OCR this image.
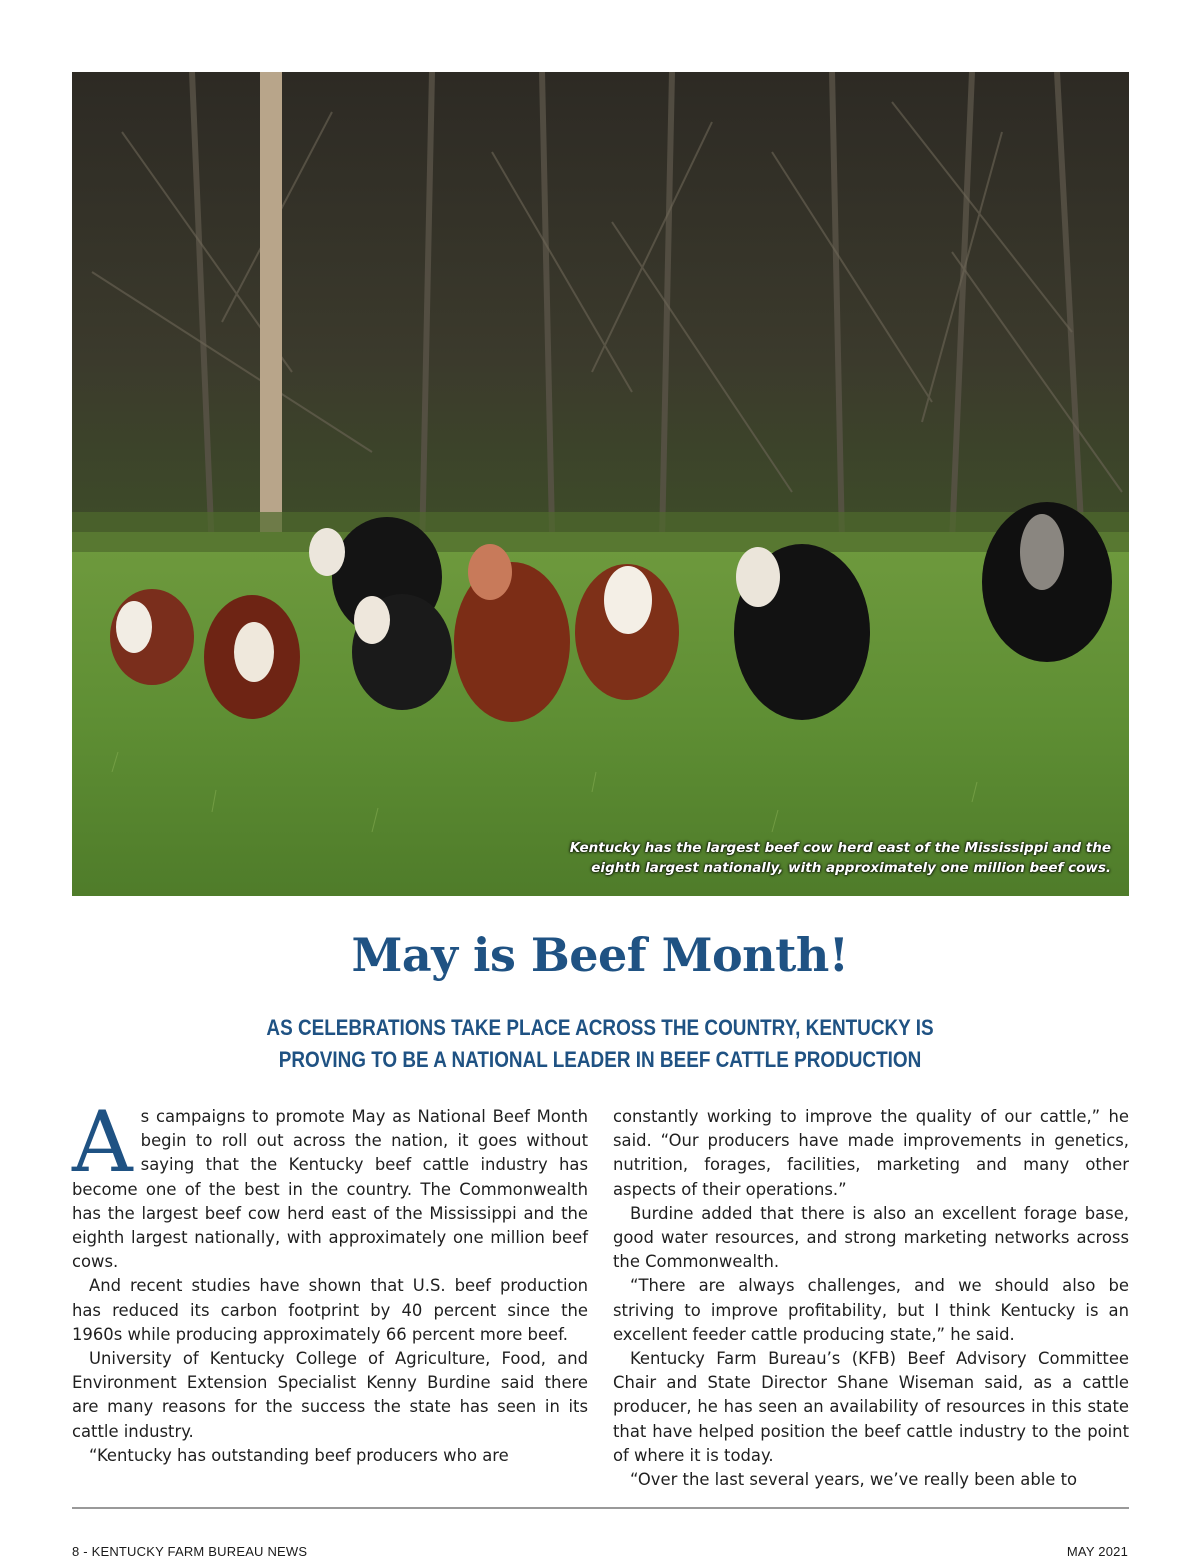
Kentucky has the largest beef cow herd east of the Mississippi and the
eighth largest nationally, with approximately one million beef cows.
May is Beef Month!
AS CELEBRATIONS TAKE PLACE ACROSS THE COUNTRY, KENTUCKY IS
PROVING TO BE A NATIONAL LEADER IN BEEF CATTLE PRODUCTION

As campaigns to promote May as National Beef Month begin to roll out across the nation, it goes without saying that the Kentucky beef cattle industry has become one of the best in the country. The Commonwealth has the largest beef cow herd east of the Mississippi and the eighth largest nationally, with approximately one million beef cows.

And recent studies have shown that U.S. beef production has reduced its carbon footprint by 40 percent since the 1960s while producing approximately 66 percent more beef.

University of Kentucky College of Agriculture, Food, and Environment Extension Specialist Kenny Burdine said there are many reasons for the success the state has seen in its cattle industry.

“Kentucky has outstanding beef producers who are

constantly working to improve the quality of our cattle,” he said. “Our producers have made improvements in genetics, nutrition, forages, facilities, marketing and many other aspects of their operations.”

Burdine added that there is also an excellent forage base, good water resources, and strong marketing networks across the Commonwealth.

“There are always challenges, and we should also be striving to improve profitability, but I think Kentucky is an excellent feeder cattle producing state,” he said.

Kentucky Farm Bureau’s (KFB) Beef Advisory Committee Chair and State Director Shane Wiseman said, as a cattle producer, he has seen an availability of resources in this state that have helped position the beef cattle industry to the point of where it is today.

“Over the last several years, we’ve really been able to

8 - KENTUCKY FARM BUREAU NEWS	MAY 2021
